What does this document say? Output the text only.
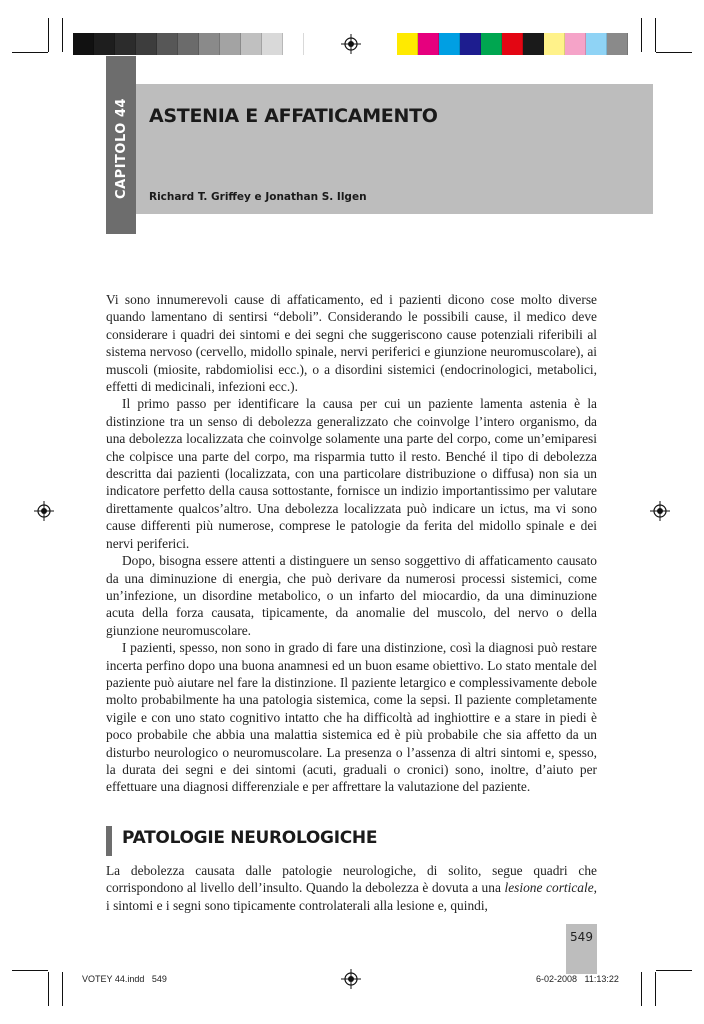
CAPITOLO 44 ASTENIA E AFFATICAMENTO
Richard T. Griffey e Jonathan S. Ilgen

Vi sono innumerevoli cause di affaticamento, ed i pazienti dicono cose molto diverse quando lamentano di sentirsi “deboli”. Considerando le possibili cause, il medico deve considerare i quadri dei sintomi e dei segni che suggeriscono cause potenziali riferibili al sistema nervoso (cervello, midollo spinale, nervi periferici e giunzione neuromuscolare), ai muscoli (miosite, rabdomiolisi ecc.), o a disordini sistemici (endocrinologici, metabolici, effetti di medicinali, infezioni ecc.).

Il primo passo per identificare la causa per cui un paziente lamenta astenia è la distinzione tra un senso di debolezza generalizzato che coinvolge l’intero organismo, da una debolezza localizzata che coinvolge solamente una parte del corpo, come un’emiparesi che colpisce una parte del corpo, ma risparmia tutto il resto. Benché il tipo di debolezza descritta dai pazienti (localizzata, con una particolare distribuzione o diffusa) non sia un indicatore perfetto della causa sottostante, fornisce un indizio importantissimo per valutare direttamente qualcos’altro. Una debolezza localizzata può indicare un ictus, ma vi sono cause differenti più numerose, comprese le patologie da ferita del midollo spinale e dei nervi periferici.

Dopo, bisogna essere attenti a distinguere un senso soggettivo di affaticamento causato da una diminuzione di energia, che può derivare da numerosi processi sistemici, come un’infezione, un disordine metabolico, o un infarto del miocardio, da una diminuzione acuta della forza causata, tipicamente, da anomalie del muscolo, del nervo o della giunzione neuromuscolare.

I pazienti, spesso, non sono in grado di fare una distinzione, così la diagnosi può restare incerta perfino dopo una buona anamnesi ed un buon esame obiettivo. Lo stato mentale del paziente può aiutare nel fare la distinzione. Il paziente letargico e complessivamente debole molto probabilmente ha una patologia sistemica, come la sepsi. Il paziente completamente vigile e con uno stato cognitivo intatto che ha difficoltà ad inghiottire e a stare in piedi è poco probabile che abbia una malattia sistemica ed è più probabile che sia affetto da un disturbo neurologico o neuromuscolare. La presenza o l’assenza di altri sintomi e, spesso, la durata dei segni e dei sintomi (acuti, graduali o cronici) sono, inoltre, d’aiuto per effettuare una diagnosi differenziale e per affrettare la valutazione del paziente.

PATOLOGIE NEUROLOGICHE
La debolezza causata dalle patologie neurologiche, di solito, segue quadri che corrispondono al livello dell’insulto. Quando la debolezza è dovuta a una lesione corticale, i sintomi e i segni sono tipicamente controlaterali alla lesione e, quindi,
549
VOTEY 44.indd   549	6-02-2008   11:13:22
